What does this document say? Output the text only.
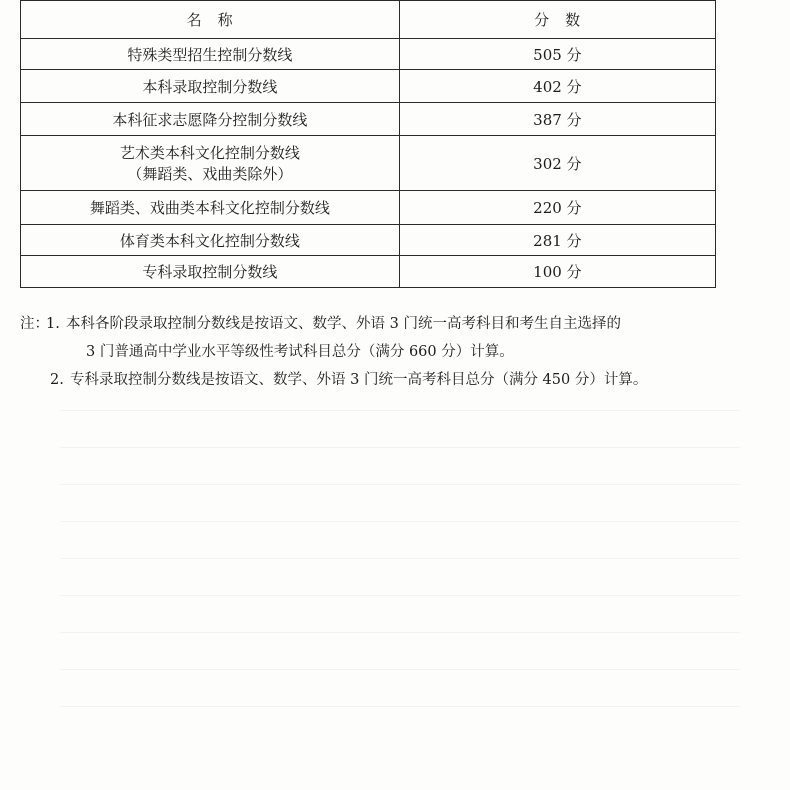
名　称	分　数
特殊类型招生控制分数线	505 分
本科录取控制分数线	402 分
本科征求志愿降分控制分数线	387 分

艺术类本科文化控制分数线
（舞蹈类、戏曲类除外）	302 分
舞蹈类、戏曲类本科文化控制分数线	220 分
体育类本科文化控制分数线	281 分
专科录取控制分数线	100 分
注：1. 本科各阶段录取控制分数线是按语文、数学、外语 3 门统一高考科目和考生自主选择的
3 门普通高中学业水平等级性考试科目总分（满分 660 分）计算。
2. 专科录取控制分数线是按语文、数学、外语 3 门统一高考科目总分（满分 450 分）计算。
